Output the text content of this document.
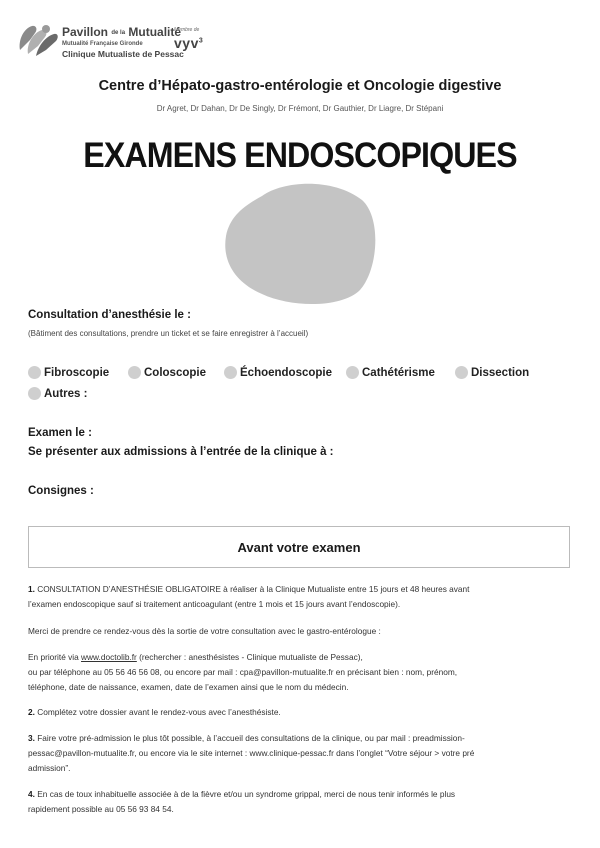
Pavillon de la Mutualité
Mutualité Française Gironde
Clinique Mutualiste de Pessac
Membre de
vyv$^3$
Centre d’Hépato-gastro-entérologie et Oncologie digestive
Dr Agret, Dr Dahan, Dr De Singly, Dr Frémont, Dr Gauthier, Dr Liagre, Dr Stépani
EXAMENS ENDOSCOPIQUES
Consultation d’anesthésie le :
(Bâtiment des consultations, prendre un ticket et se faire enregistrer à l’accueil)
Fibroscopie	Coloscopie	Échoendoscopie	Cathétérisme	Dissection
Autres :
Examen le :
Se présenter aux admissions à l’entrée de la clinique à :
Consignes :
Avant votre examen
1. CONSULTATION D’ANESTHÉSIE OBLIGATOIRE à réaliser à la Clinique Mutualiste entre 15 jours et 48 heures avant
l’examen endoscopique sauf si traitement anticoagulant (entre 1 mois et 15 jours avant l’endoscopie).
Merci de prendre ce rendez-vous dès la sortie de votre consultation avec le gastro-entérologue :
En priorité via www.doctolib.fr (rechercher : anesthésistes - Clinique mutualiste de Pessac),
ou par téléphone au 05 56 46 56 08, ou encore par mail : cpa@pavillon-mutualite.fr en précisant bien : nom, prénom,
téléphone, date de naissance, examen, date de l’examen ainsi que le nom du médecin.
2. Complétez votre dossier avant le rendez-vous avec l’anesthésiste.
3. Faire votre pré-admission le plus tôt possible, à l’accueil des consultations de la clinique, ou par mail : preadmission-
pessac@pavillon-mutualite.fr, ou encore via le site internet : www.clinique-pessac.fr dans l’onglet “Votre séjour > votre pré
admission”.
4. En cas de toux inhabituelle associée à de la fièvre et/ou un syndrome grippal, merci de nous tenir informés le plus
rapidement possible au 05 56 93 84 54.
